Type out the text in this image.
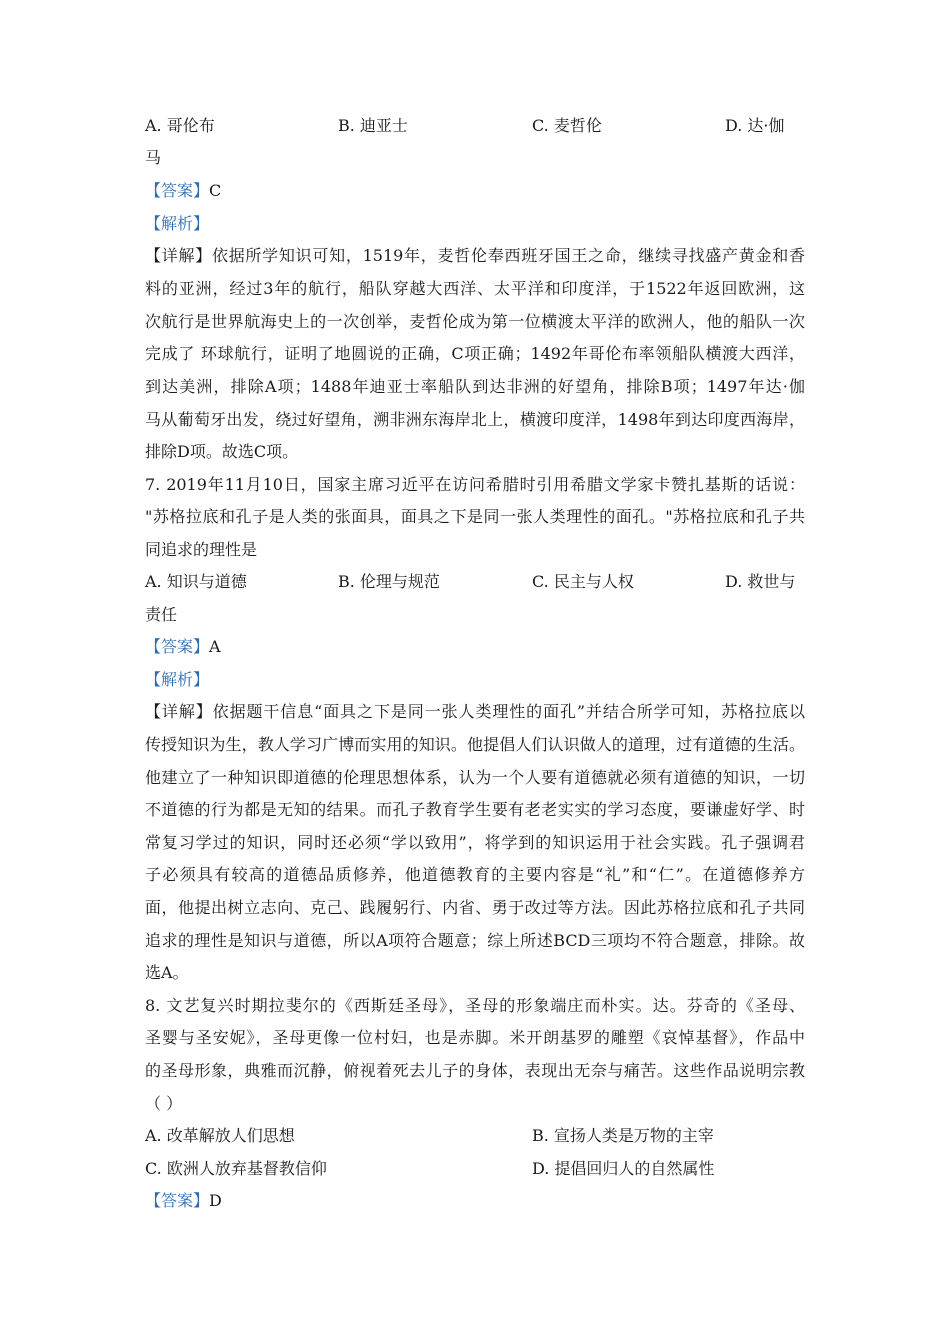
A. 哥伦布	B. 迪亚士	C. 麦哲伦	D. 达·伽
马
【答案】C
【解析】
【详解】依据所学知识可知，1519年，麦哲伦奉西班牙国王之命，继续寻找盛产黄金和香
料的亚洲，经过3年的航行，船队穿越大西洋、太平洋和印度洋，于1522年返回欧洲，这
次航行是世界航海史上的一次创举，麦哲伦成为第一位横渡太平洋的欧洲人，他的船队一次
完成了 环球航行，证明了地圆说的正确，C项正确；1492年哥伦布率领船队横渡大西洋，
到达美洲，排除A项；1488年迪亚士率船队到达非洲的好望角，排除B项；1497年达·伽
马从葡萄牙出发，绕过好望角，溯非洲东海岸北上，横渡印度洋，1498年到达印度西海岸，
排除D项。故选C项。
7. 2019年11月10日，国家主席习近平在访问希腊时引用希腊文学家卡赞扎基斯的话说：
"苏格拉底和孔子是人类的张面具，面具之下是同一张人类理性的面孔。"苏格拉底和孔子共
同追求的理性是
A. 知识与道德	B. 伦理与规范	C. 民主与人权	D. 救世与
责任
【答案】A
【解析】
【详解】依据题干信息“面具之下是同一张人类理性的面孔”并结合所学可知，苏格拉底以
传授知识为生，教人学习广博而实用的知识。他提倡人们认识做人的道理，过有道德的生活。
他建立了一种知识即道德的伦理思想体系，认为一个人要有道德就必须有道德的知识，一切
不道德的行为都是无知的结果。而孔子教育学生要有老老实实的学习态度，要谦虚好学、时
常复习学过的知识，同时还必须“学以致用”，将学到的知识运用于社会实践。孔子强调君
子必须具有较高的道德品质修养，他道德教育的主要内容是“礼”和“仁”。在道德修养方
面，他提出树立志向、克己、践履躬行、内省、勇于改过等方法。因此苏格拉底和孔子共同
追求的理性是知识与道德，所以A项符合题意；综上所述BCD三项均不符合题意，排除。故
选A。
8. 文艺复兴时期拉斐尔的《西斯廷圣母》，圣母的形象端庄而朴实。达。芬奇的《圣母、
圣婴与圣安妮》，圣母更像一位村妇，也是赤脚。米开朗基罗的雕塑《哀悼基督》，作品中
的圣母形象，典雅而沉静，俯视着死去儿子的身体，表现出无奈与痛苦。这些作品说明宗教
（ ）
A. 改革解放人们思想	B. 宣扬人类是万物的主宰
C. 欧洲人放弃基督教信仰	D. 提倡回归人的自然属性
【答案】D
